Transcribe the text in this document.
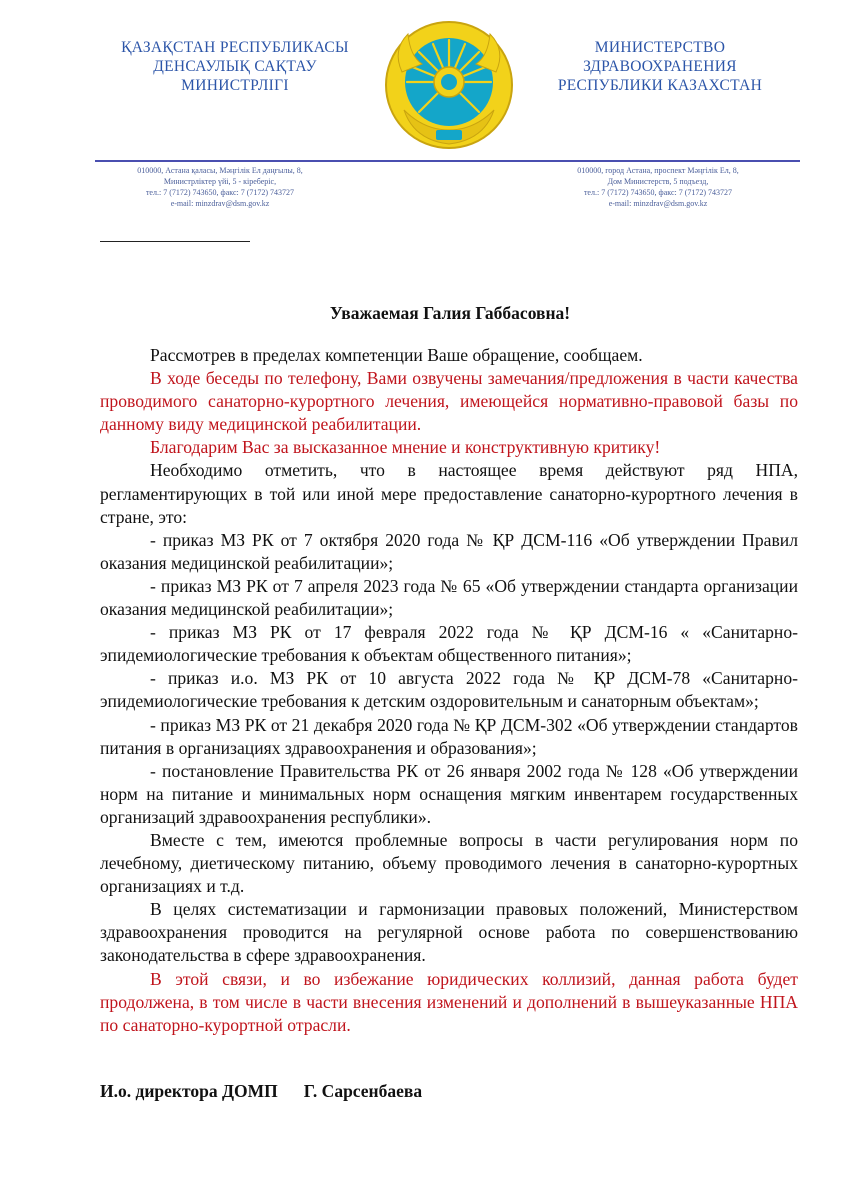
ҚАЗАҚСТАН РЕСПУБЛИКАСЫ
ДЕНСАУЛЫҚ САҚТАУ
МИНИСТРЛІГІ
МИНИСТЕРСТВО
ЗДРАВООХРАНЕНИЯ
РЕСПУБЛИКИ КАЗАХСТАН
010000, Астана қаласы, Мәңгілік Ел даңғылы, 8,
Министрліктер үйі, 5 - кіреберіс,
тел.: 7 (7172) 743650, факс: 7 (7172) 743727
e-mail: minzdrav@dsm.gov.kz
010000, город Астана, проспект Мәңгілік Ел, 8,
Дом Министерств, 5 подъезд,
тел.: 7 (7172) 743650, факс: 7 (7172) 743727
e-mail: minzdrav@dsm.gov.kz
Уважаемая Галия Габбасовна!

Рассмотрев в пределах компетенции Ваше обращение, сообщаем.

В ходе беседы по телефону, Вами озвучены замечания/предложения в части качества проводимого санаторно-курортного лечения, имеющейся нормативно-правовой базы по данному виду медицинской реабилитации.

Благодарим Вас за высказанное мнение и конструктивную критику!

Необходимо отметить, что в настоящее время действуют ряд НПА, регламентирующих в той или иной мере предоставление санаторно-курортного лечения в стране, это:

- приказ МЗ РК от 7 октября 2020 года № ҚР ДСМ-116 «Об утверждении Правил оказания медицинской реабилитации»;

- приказ МЗ РК от 7 апреля 2023 года № 65 «Об утверждении стандарта организации оказания медицинской реабилитации»;

- приказ МЗ РК от 17 февраля 2022 года № ҚР ДСМ-16 « «Санитарно-эпидемиологические требования к объектам общественного питания»;

- приказ и.о. МЗ РК от 10 августа 2022 года № ҚР ДСМ-78 «Санитарно-эпидемиологические требования к детским оздоровительным и санаторным объектам»;

- приказ МЗ РК от 21 декабря 2020 года № ҚР ДСМ-302 «Об утверждении стандартов питания в организациях здравоохранения и образования»;

- постановление Правительства РК от 26 января 2002 года № 128 «Об утверждении норм на питание и минимальных норм оснащения мягким инвентарем государственных организаций здравоохранения республики».

Вместе с тем, имеются проблемные вопросы в части регулирования норм по лечебному, диетическому питанию, объему проводимого лечения в санаторно-курортных организациях и т.д.

В целях систематизации и гармонизации правовых положений, Министерством здравоохранения проводится на регулярной основе работа по совершенствованию законодательства в сфере здравоохранения.

В этой связи, и во избежание юридических коллизий, данная работа будет продолжена, в том числе в части внесения изменений и дополнений в вышеуказанные НПА по санаторно-курортной отрасли.

И.о. директора ДОМП Г. Сарсенбаева
